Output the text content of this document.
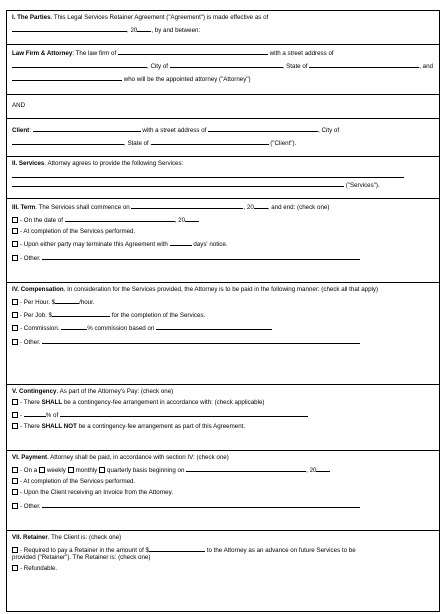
I. The Parties. This Legal Services Retainer Agreement ("Agreement") is made effective as of
, 20 , by and between:
Law Firm & Attorney: The law firm of	with a street address of
, City of	, State of	, and
who will be the appointed attorney ("Attorney")
AND
Client:	with a street address of	, City of
, State of	("Client").
II. Services. Attorney agrees to provide the following Services:
("Services").
III. Term. The Services shall commence on	, 20 , and end: (check one)
- On the date of	, 20
- At completion of the Services performed.
- Upon either party may terminate this Agreement with	days' notice.
- Other.
IV. Compensation. In consideration for the Services provided, the Attorney is to be paid in the following manner: (check all that apply)
- Per Hour. $	/hour.
- Per Job. $	for the completion of the Services.
- Commission.	% commission based on
- Other.
V. Contingency. As part of the Attorney's Pay: (check one)
- There SHALL be a contingency-fee arrangement in accordance with: (check applicable)
-	% of
- There SHALL NOT be a contingency-fee arrangement as part of this Agreement.
VI. Payment. Attorney shall be paid, in accordance with section IV: (check one)
- On a weekly monthly quarterly basis beginning on	, 20
- At completion of the Services performed.
- Upon the Client receiving an Invoice from the Attorney.
- Other.
VII. Retainer. The Client is: (check one)
- Required to pay a Retainer in the amount of $	to the Attorney as an advance on future Services to be
provided ("Retainer"). The Retainer is: (check one)
- Refundable.
